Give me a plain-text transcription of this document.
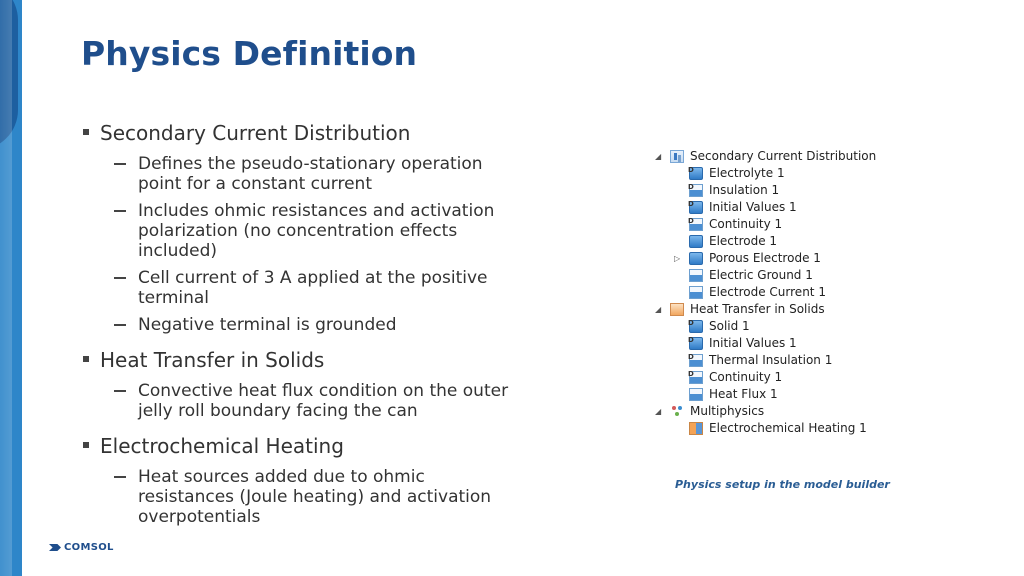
Physics Definition
Secondary Current Distribution
Defines the pseudo-stationary operation point for a constant current
Includes ohmic resistances and activation polarization (no concentration effects included)
Cell current of 3 A applied at the positive terminal
Negative terminal is grounded
Heat Transfer in Solids
Convective heat flux condition on the outer jelly roll boundary facing the can
Electrochemical Heating
Heat sources added due to ohmic resistances (Joule heating) and activation overpotentials
◢	Secondary Current Distribution
D
Electrolyte 1
D
Insulation 1
D
Initial Values 1
D
Continuity 1
Electrode 1
▷	Porous Electrode 1
Electric Ground 1
Electrode Current 1
◢	Heat Transfer in Solids
D
Solid 1
D
Initial Values 1
D
Thermal Insulation 1
D
Continuity 1
Heat Flux 1
◢	Multiphysics
Electrochemical Heating 1
Physics setup in the model builder
COMSOL
